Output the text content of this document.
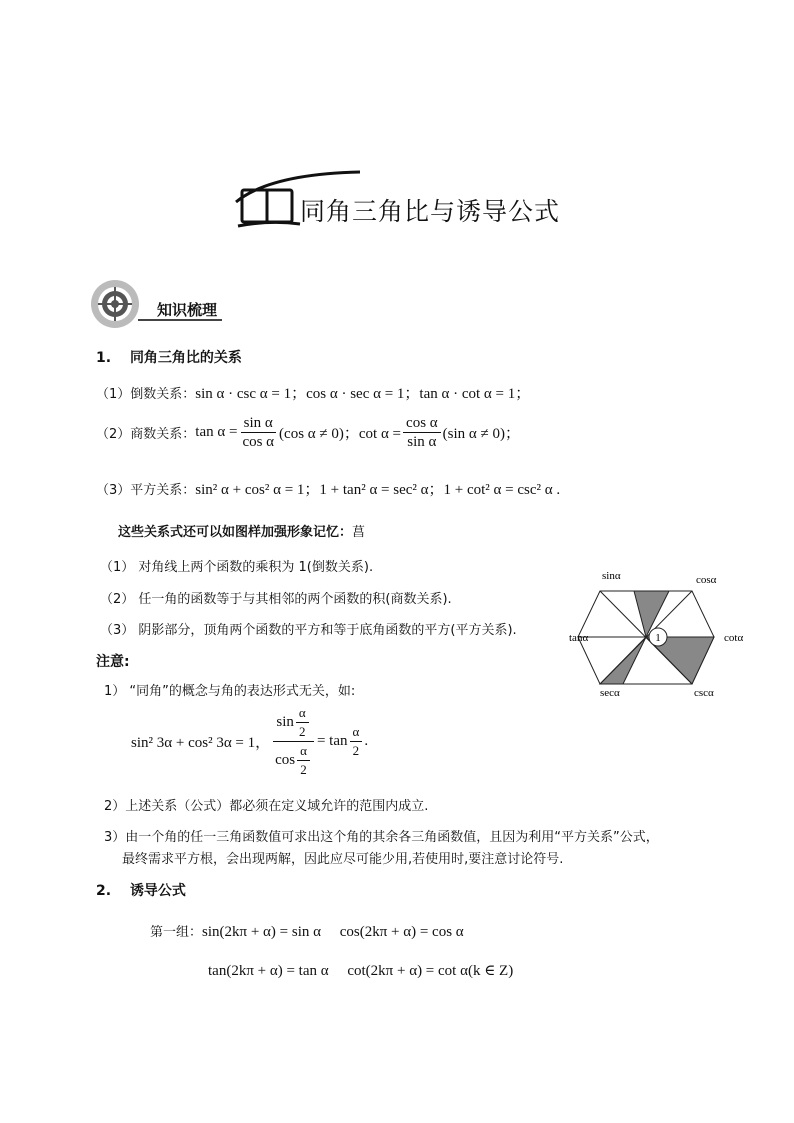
同角三角比与诱导公式
知识梳理
1. 同角三角比的关系
（1）倒数关系：sin α · csc α = 1；cos α · sec α = 1；tan α · cot α = 1；
（2）商数关系： $\tan \alpha = \frac{\text{sin α}}{\text{cos α}} (\cos$ α ≠ 0)；$\cot \alpha = \frac{\text{cos α}}{\text{sin α}} (\sin$ α ≠ 0)；
（3）平方关系：sin² α + cos² α = 1；1 + tan² α = sec² α；1 + cot² α = csc² α .
这些关系式还可以如图样加强形象记忆：菖
（1） 对角线上两个函数的乘积为 1(倒数关系).
（2） 任一角的函数等于与其相邻的两个函数的积(商数关系).
（3） 阴影部分，顶角两个函数的平方和等于底角函数的平方(平方关系).	1
sinα	cosα
tanα	cotα
secα	cscα
注意:
1） “同角”的概念与角的表达形式无关，如:
sin² 3α + cos² 3α = 1， $\frac{\sin \frac{\alpha}{2}}{\cos \frac{\alpha}{2}} = \tan \frac{\alpha}{2}$ .
2）上述关系（公式）都必须在定义域允许的范围内成立.
3）由一个角的任一三角函数值可求出这个角的其余各三角函数值，且因为利用“平方关系”公式，
最终需求平方根，会出现两解，因此应尽可能少用,若使用时,要注意讨论符号.
2. 诱导公式
第一组：sin(2kπ + α) = sin α     cos(2kπ + α) = cos α
tan(2kπ + α) = tan α     cot(2kπ + α) = cot α(k ∈ Z)
